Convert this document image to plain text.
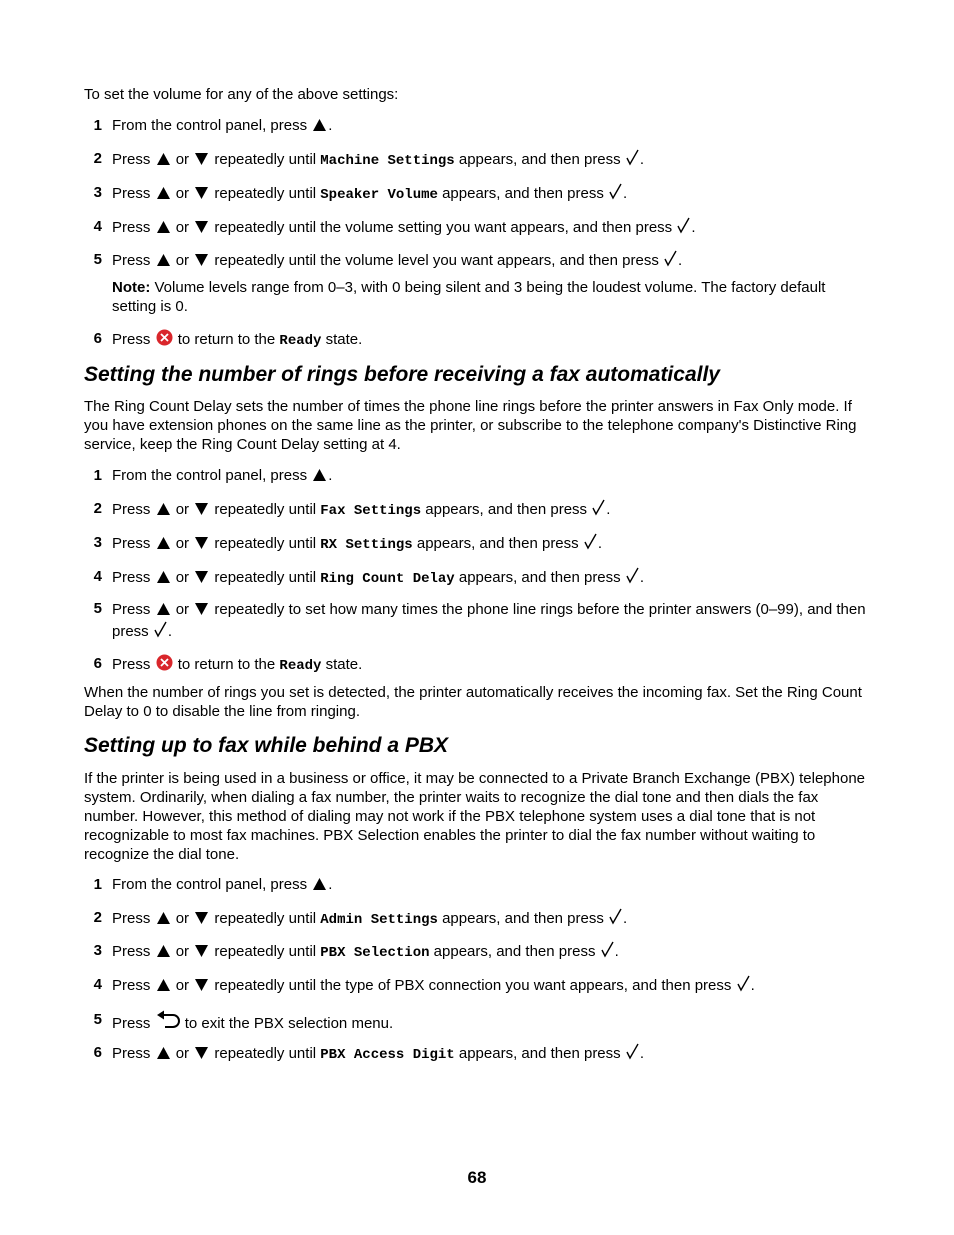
To set the volume for any of the above settings:

1 From the control panel, press .
2 Press or repeatedly until Machine Settings appears, and then press .
3 Press or repeatedly until Speaker Volume appears, and then press .
4 Press or repeatedly until the volume setting you want appears, and then press .
5 Press or repeatedly until the volume level you want appears, and then press .

Note: Volume levels range from 0–3, with 0 being silent and 3 being the loudest volume. The factory default setting is 0.

6 Press to return to the Ready state.
Setting the number of rings before receiving a fax automatically

The Ring Count Delay sets the number of times the phone line rings before the printer answers in Fax Only mode. If you have extension phones on the same line as the printer, or subscribe to the telephone company's Distinctive Ring service, keep the Ring Count Delay setting at 4.

1 From the control panel, press .
2 Press or repeatedly until Fax Settings appears, and then press .
3 Press or repeatedly until RX Settings appears, and then press .
4 Press or repeatedly until Ring Count Delay appears, and then press .
5 Press or repeatedly to set how many times the phone line rings before the printer answers (0–99), and then press .
6 Press to return to the Ready state.

When the number of rings you set is detected, the printer automatically receives the incoming fax. Set the Ring Count Delay to 0 to disable the line from ringing.

Setting up to fax while behind a PBX

If the printer is being used in a business or office, it may be connected to a Private Branch Exchange (PBX) telephone system. Ordinarily, when dialing a fax number, the printer waits to recognize the dial tone and then dials the fax number. However, this method of dialing may not work if the PBX telephone system uses a dial tone that is not recognizable to most fax machines. PBX Selection enables the printer to dial the fax number without waiting to recognize the dial tone.

1 From the control panel, press .
2 Press or repeatedly until Admin Settings appears, and then press .
3 Press or repeatedly until PBX Selection appears, and then press .
4 Press or repeatedly until the type of PBX connection you want appears, and then press .
5 Press to exit the PBX selection menu.
6 Press or repeatedly until PBX Access Digit appears, and then press .
68
